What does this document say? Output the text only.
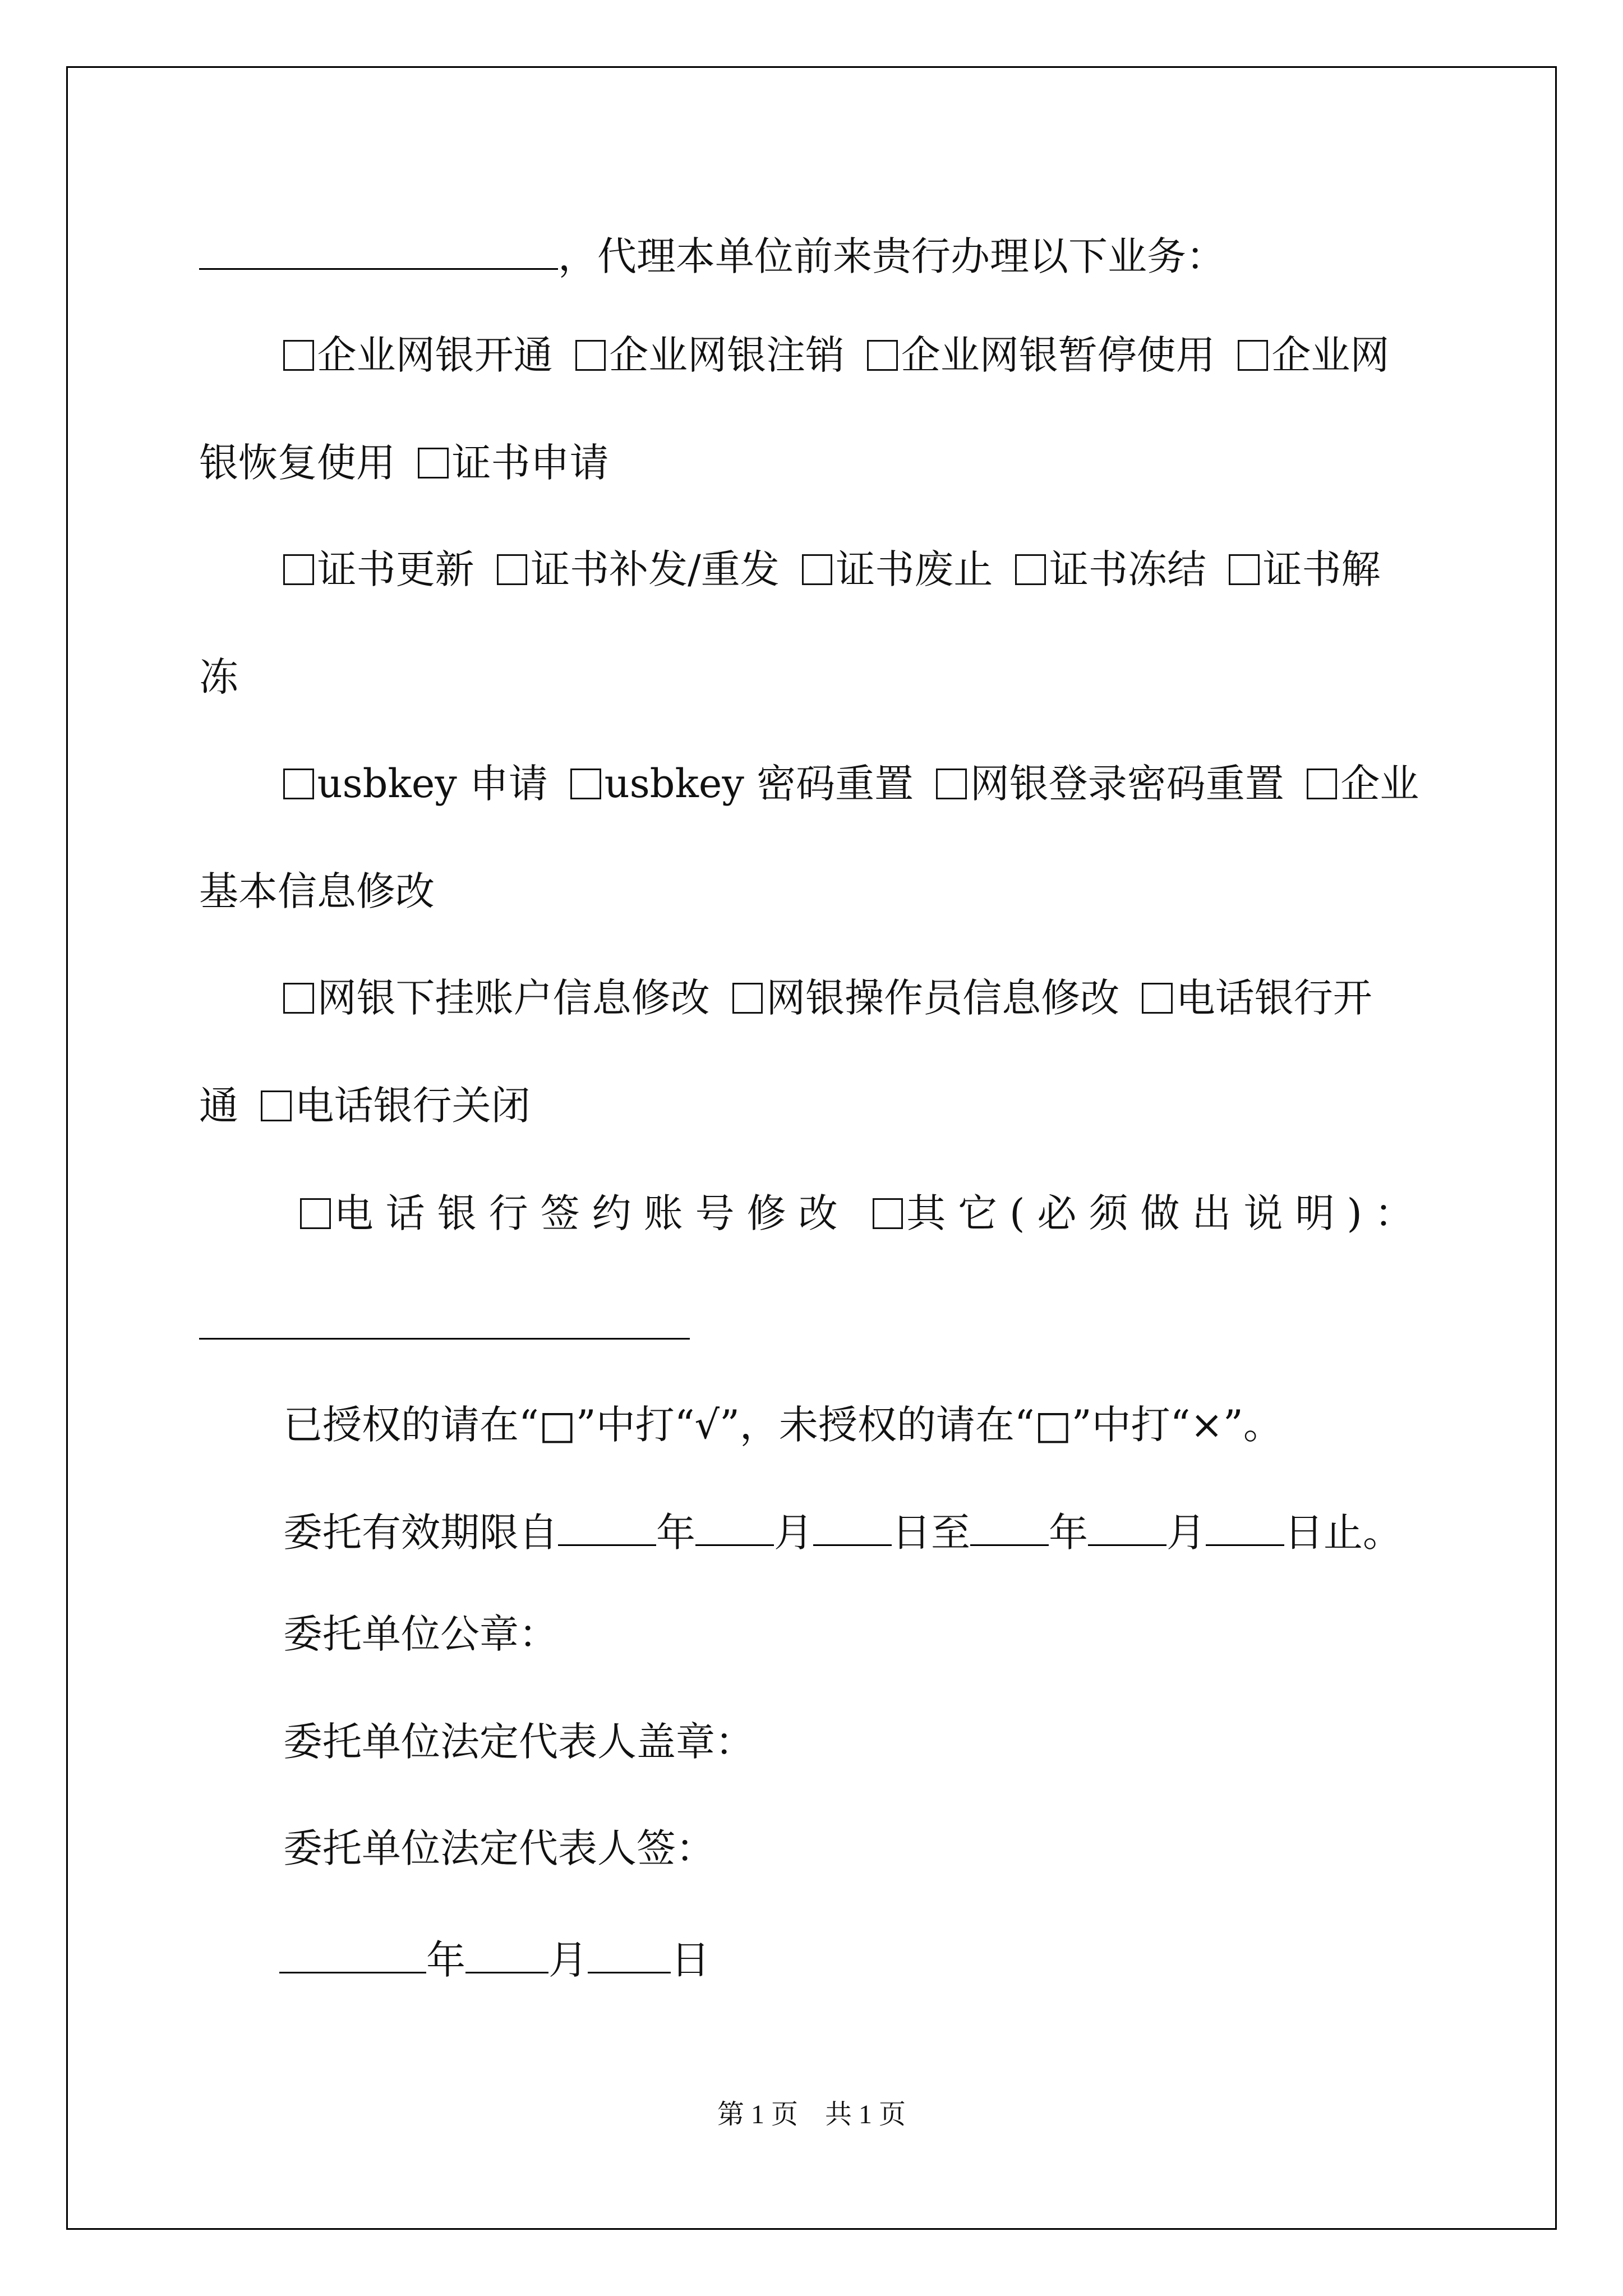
，代理本单位前来贵行办理以下业务：
企业网银开通 企业网银注销 企业网银暂停使用 企业网
银恢复使用 证书申请
证书更新 证书补发/重发 证书废止 证书冻结 证书解
冻
usbkey 申请 usbkey 密码重置 网银登录密码重置 企业
基本信息修改
网银下挂账户信息修改 网银操作员信息修改 电话银行开
通 电话银行关闭
电话银行签约账号修改 其它(必须做出说明)：
已授权的请在“□”中打“√”，未授权的请在“□”中打“×”。
委托有效期限自	年 月 日至 年 月 日止。
委托单位公章：
委托单位法定代表人盖章：
委托单位法定代表人签：
年 月 日
第 1 页　共 1 页
